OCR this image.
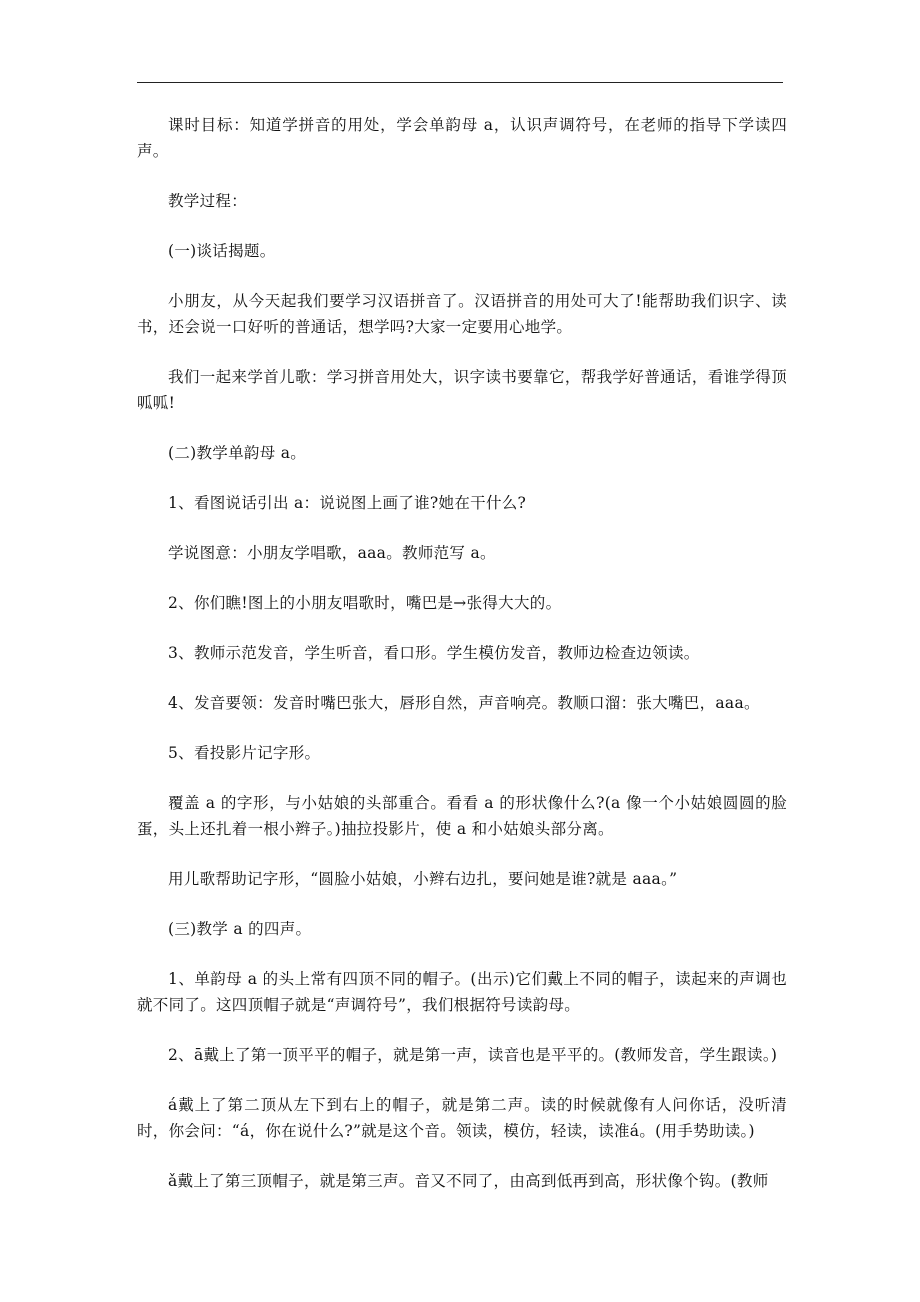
课时目标：知道学拼音的用处，学会单韵母 a，认识声调符号，在老师的指导下学读四声。

教学过程：

(一)谈话揭题。

小朋友，从今天起我们要学习汉语拼音了。汉语拼音的用处可大了!能帮助我们识字、读书，还会说一口好听的普通话，想学吗?大家一定要用心地学。

我们一起来学首儿歌：学习拼音用处大，识字读书要靠它，帮我学好普通话，看谁学得顶呱呱!

(二)教学单韵母 a。

1、看图说话引出 a：说说图上画了谁?她在干什么?

学说图意：小朋友学唱歌，aaa。教师范写 a。

2、你们瞧!图上的小朋友唱歌时，嘴巴是→张得大大的。

3、教师示范发音，学生听音，看口形。学生模仿发音，教师边检查边领读。

4、发音要领：发音时嘴巴张大，唇形自然，声音响亮。教顺口溜：张大嘴巴，aaa。

5、看投影片记字形。

覆盖 a 的字形，与小姑娘的头部重合。看看 a 的形状像什么?(a 像一个小姑娘圆圆的脸蛋，头上还扎着一根小辫子。)抽拉投影片，使 a 和小姑娘头部分离。

用儿歌帮助记字形，“圆脸小姑娘，小辫右边扎，要问她是谁?就是 aaa。”

(三)教学 a 的四声。

1、单韵母 a 的头上常有四顶不同的帽子。(出示)它们戴上不同的帽子，读起来的声调也就不同了。这四顶帽子就是“声调符号”，我们根据符号读韵母。

2、ā戴上了第一顶平平的帽子，就是第一声，读音也是平平的。(教师发音，学生跟读。)

á戴上了第二顶从左下到右上的帽子，就是第二声。读的时候就像有人问你话，没听清时，你会问：“á，你在说什么?”就是这个音。领读，模仿，轻读，读准á。(用手势助读。)

ǎ戴上了第三顶帽子，就是第三声。音又不同了，由高到低再到高，形状像个钩。(教师
